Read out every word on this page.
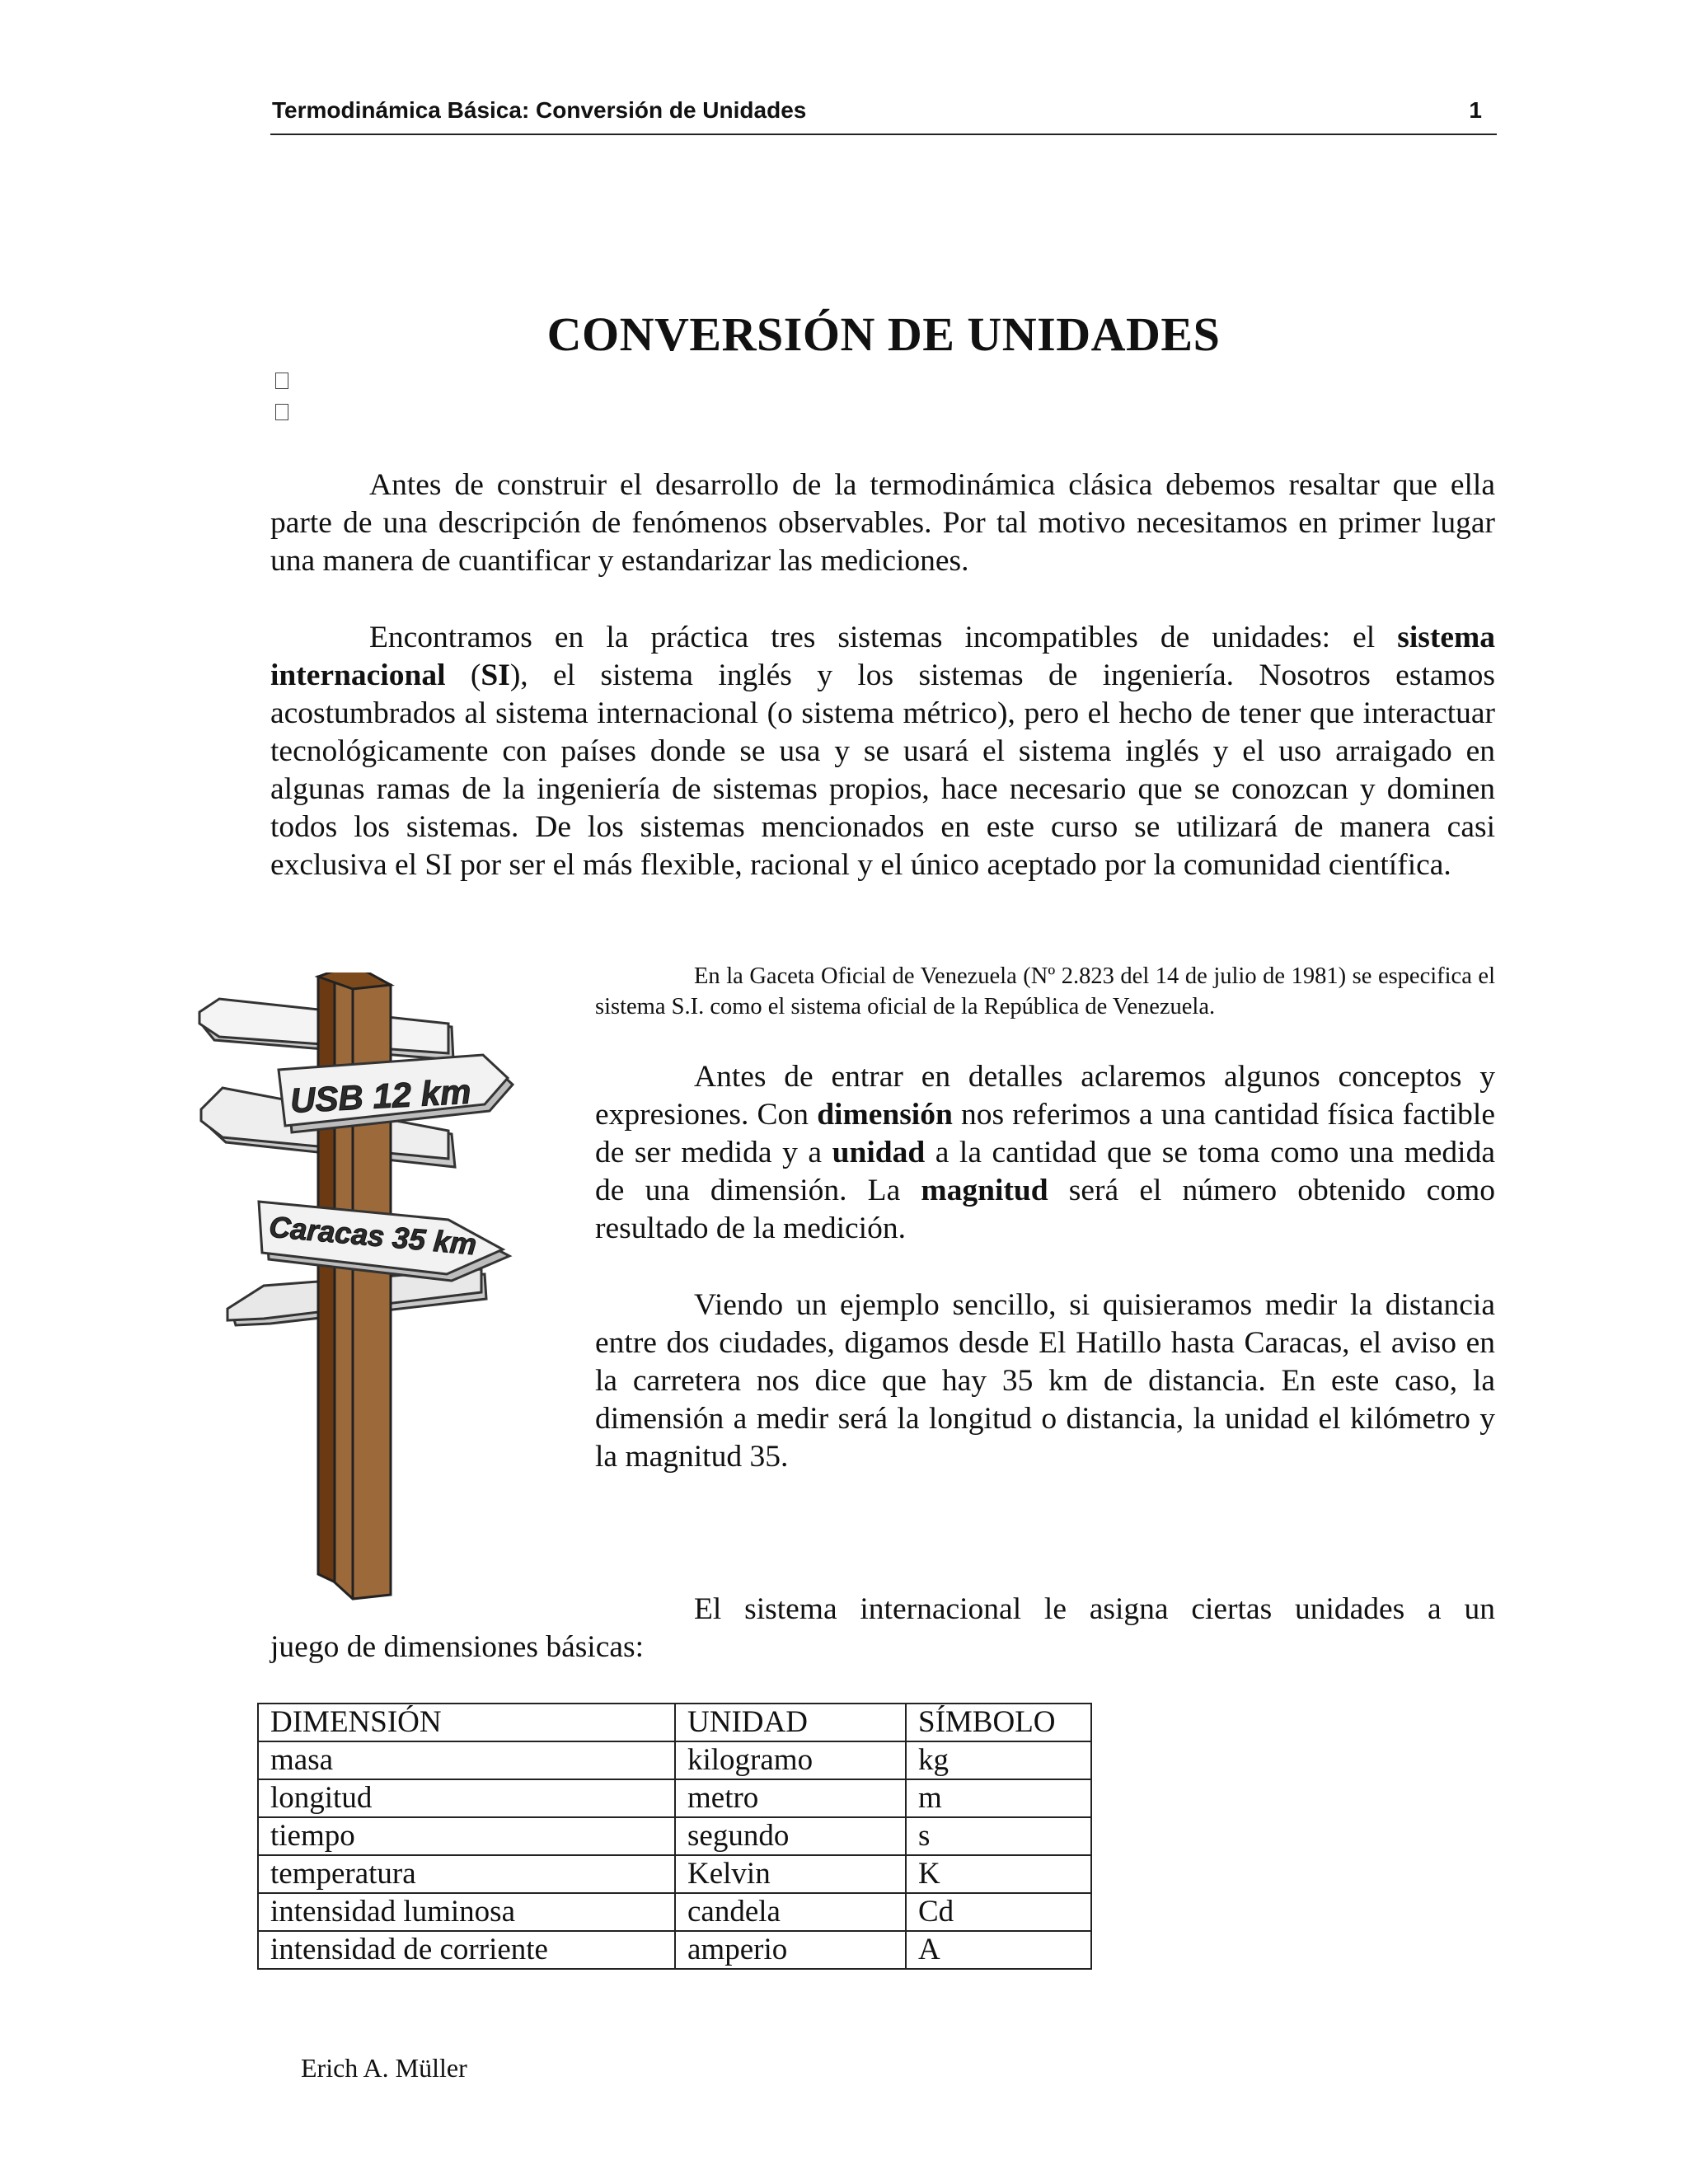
Termodinámica Básica: Conversión de Unidades	1
CONVERSIÓN DE UNIDADES

Antes de construir el desarrollo de la termodinámica clásica debemos resaltar que ella parte de una descripción de fenómenos observables. Por tal motivo necesitamos en primer lugar una manera de cuantificar y estandarizar las mediciones.

Encontramos en la práctica tres sistemas incompatibles de unidades: el sistema internacional (SI), el sistema inglés y los sistemas de ingeniería. Nosotros estamos acostumbrados al sistema internacional (o sistema métrico), pero el hecho de tener que interactuar tecnológicamente con países donde se usa y se usará el sistema inglés y el uso arraigado en algunas ramas de la ingeniería de sistemas propios, hace necesario que se conozcan y dominen todos los sistemas. De los sistemas mencionados en este curso se utilizará de manera casi exclusiva el SI por ser el más flexible, racional y el único aceptado por la comunidad científica.

En la Gaceta Oficial de Venezuela (Nº 2.823 del 14 de julio de 1981) se especifica el sistema S.I. como el sistema oficial de la República de Venezuela.

USB 12 km
Caracas 35 km

Antes de entrar en detalles aclaremos algunos conceptos y expresiones. Con dimensión nos referimos a una cantidad física factible de ser medida y a unidad a la cantidad que se toma como una medida de una dimensión. La magnitud será el número obtenido como resultado de la medición.

Viendo un ejemplo sencillo, si quisieramos medir la distancia entre dos ciudades, digamos desde El Hatillo hasta Caracas, el aviso en la carretera nos dice que hay 35 km de distancia. En este caso, la dimensión a medir será la longitud o distancia, la unidad el kilómetro y la magnitud 35.

El sistema internacional le asigna ciertas unidades a un

juego de dimensiones básicas:

DIMENSIÓN	UNIDAD	SÍMBOLO
masa	kilogramo	kg
longitud	metro	m
tiempo	segundo	s
temperatura	Kelvin	K
intensidad luminosa	candela	Cd
intensidad de corriente	amperio	A
Erich A. Müller
